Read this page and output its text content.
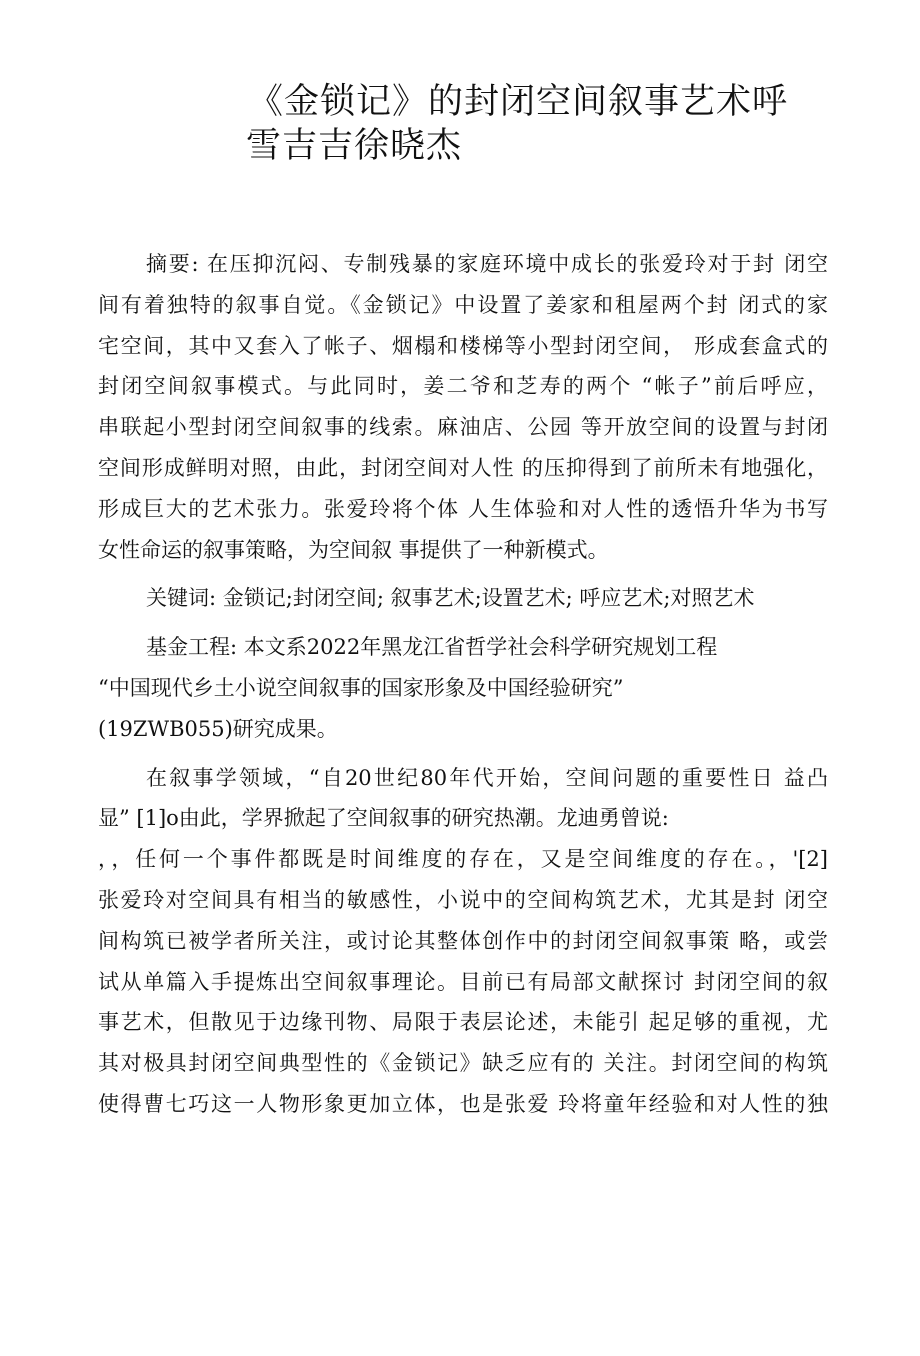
《金锁记》的封闭空间叙事艺术呼
雪吉吉徐晓杰
摘要: 在压抑沉闷、专制残暴的家庭环境中成长的张爱玲对于封 闭空
间有着独特的叙事自觉。《金锁记》中设置了姜家和租屋两个封 闭式的家
宅空间，其中又套入了帐子、烟榻和楼梯等小型封闭空间， 形成套盒式的
封闭空间叙事模式。与此同时，姜二爷和芝寿的两个 “帐子”前后呼应，
串联起小型封闭空间叙事的线索。麻油店、公园 等开放空间的设置与封闭
空间形成鲜明对照，由此，封闭空间对人性 的压抑得到了前所未有地强化，
形成巨大的艺术张力。张爱玲将个体 人生体验和对人性的透悟升华为书写
女性命运的叙事策略，为空间叙 事提供了一种新模式。
关键词: 金锁记;封闭空间; 叙事艺术;设置艺术; 呼应艺术;对照艺术
基金工程: 本文系2022年黑龙江省哲学社会科学研究规划工程
“中国现代乡土小说空间叙事的国家形象及中国经验研究”
(19ZWB055)研究成果。
在叙事学领域，“自20世纪80年代开始，空间问题的重要性日 益凸
显” [1]o由此，学界掀起了空间叙事的研究热潮。龙迪勇曾说:
，，任何一个事件都既是时间维度的存在，又是空间维度的存在。，'[2]
张爱玲对空间具有相当的敏感性，小说中的空间构筑艺术，尤其是封 闭空
间构筑已被学者所关注，或讨论其整体创作中的封闭空间叙事策 略，或尝
试从单篇入手提炼出空间叙事理论。目前已有局部文献探讨 封闭空间的叙
事艺术，但散见于边缘刊物、局限于表层论述，未能引 起足够的重视，尤
其对极具封闭空间典型性的《金锁记》缺乏应有的 关注。封闭空间的构筑
使得曹七巧这一人物形象更加立体，也是张爱 玲将童年经验和对人性的独
